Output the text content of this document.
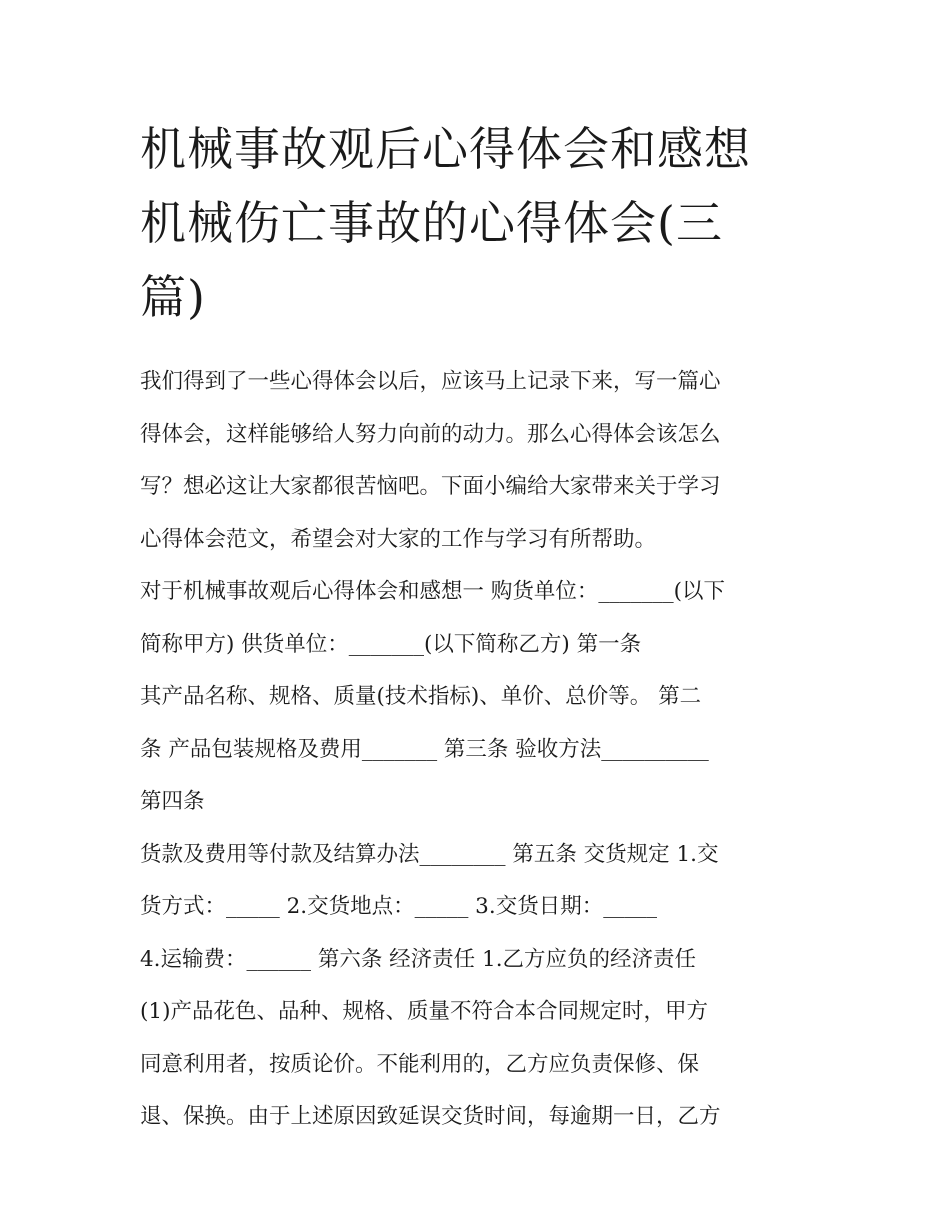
机械事故观后心得体会和感想
机械伤亡事故的心得体会(三
篇)
我们得到了一些心得体会以后，应该马上记录下来，写一篇心
得体会，这样能够给人努力向前的动力。那么心得体会该怎么
写？想必这让大家都很苦恼吧。下面小编给大家带来关于学习
心得体会范文，希望会对大家的工作与学习有所帮助。
对于机械事故观后心得体会和感想一 购货单位：_______(以下
简称甲方) 供货单位：_______(以下简称乙方) 第一条
其产品名称、规格、质量(技术指标)、单价、总价等。 第二
条 产品包装规格及费用_______ 第三条 验收方法__________
第四条
货款及费用等付款及结算办法________ 第五条 交货规定 1.交
货方式：_____ 2.交货地点：_____ 3.交货日期：_____
4.运输费：______ 第六条 经济责任 1.乙方应负的经济责任
(1)产品花色、品种、规格、质量不符合本合同规定时，甲方
同意利用者，按质论价。不能利用的，乙方应负责保修、保
退、保换。由于上述原因致延误交货时间，每逾期一日，乙方
